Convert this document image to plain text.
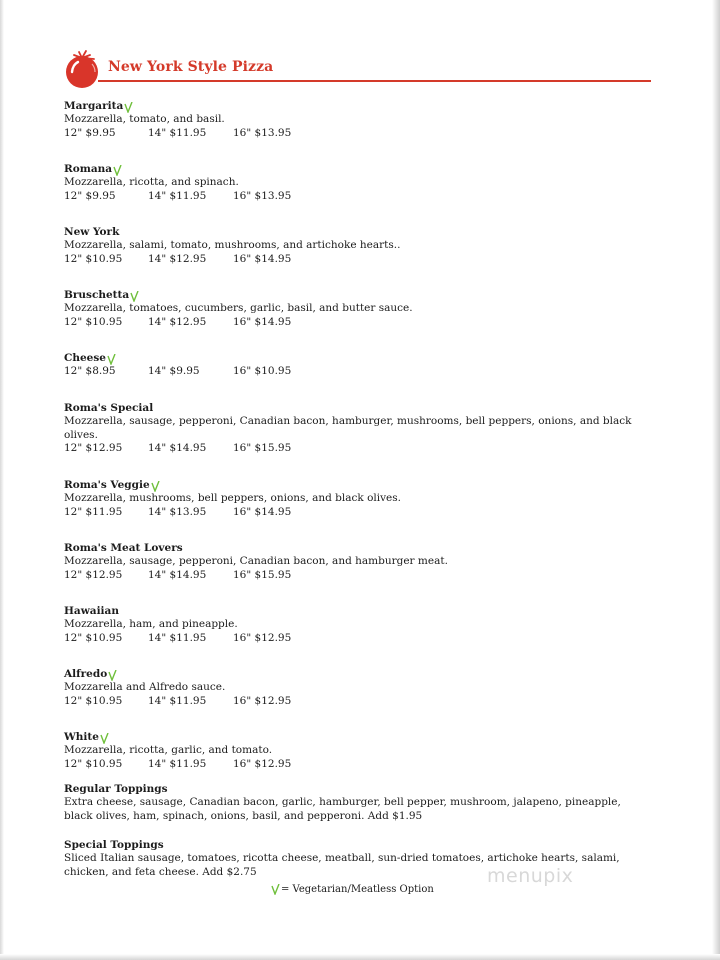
New York Style Pizza
Margarita
Mozzarella, tomato, and basil.
12" $9.95	14" $11.95	16" $13.95
Romana
Mozzarella, ricotta, and spinach.
12" $9.95	14" $11.95	16" $13.95
New York
Mozzarella, salami, tomato, mushrooms, and artichoke hearts..
12" $10.95 14" $12.95	16" $14.95
Bruschetta
Mozzarella, tomatoes, cucumbers, garlic, basil, and butter sauce.
12" $10.95 14" $12.95	16" $14.95
Cheese
12" $8.95	14" $9.95	16" $10.95
Roma's Special
Mozzarella, sausage, pepperoni, Canadian bacon, hamburger, mushrooms, bell peppers, onions, and black olives.
12" $12.95 14" $14.95	16" $15.95
Roma's Veggie
Mozzarella, mushrooms, bell peppers, onions, and black olives.
12" $11.95 14" $13.95	16" $14.95
Roma's Meat Lovers
Mozzarella, sausage, pepperoni, Canadian bacon, and hamburger meat.
12" $12.95 14" $14.95	16" $15.95
Hawaiian
Mozzarella, ham, and pineapple.
12" $10.95 14" $11.95	16" $12.95
Alfredo
Mozzarella and Alfredo sauce.
12" $10.95 14" $11.95	16" $12.95
White
Mozzarella, ricotta, garlic, and tomato.
12" $10.95 14" $11.95	16" $12.95
Regular Toppings
Extra cheese, sausage, Canadian bacon, garlic, hamburger, bell pepper, mushroom, jalapeno, pineapple, black olives, ham, spinach, onions, basil, and pepperoni. Add $1.95
Special Toppings
Sliced Italian sausage, tomatoes, ricotta cheese, meatball, sun-dried tomatoes, artichoke hearts, salami, chicken, and feta cheese. Add $2.75
= Vegetarian/Meatless Option
menupix
